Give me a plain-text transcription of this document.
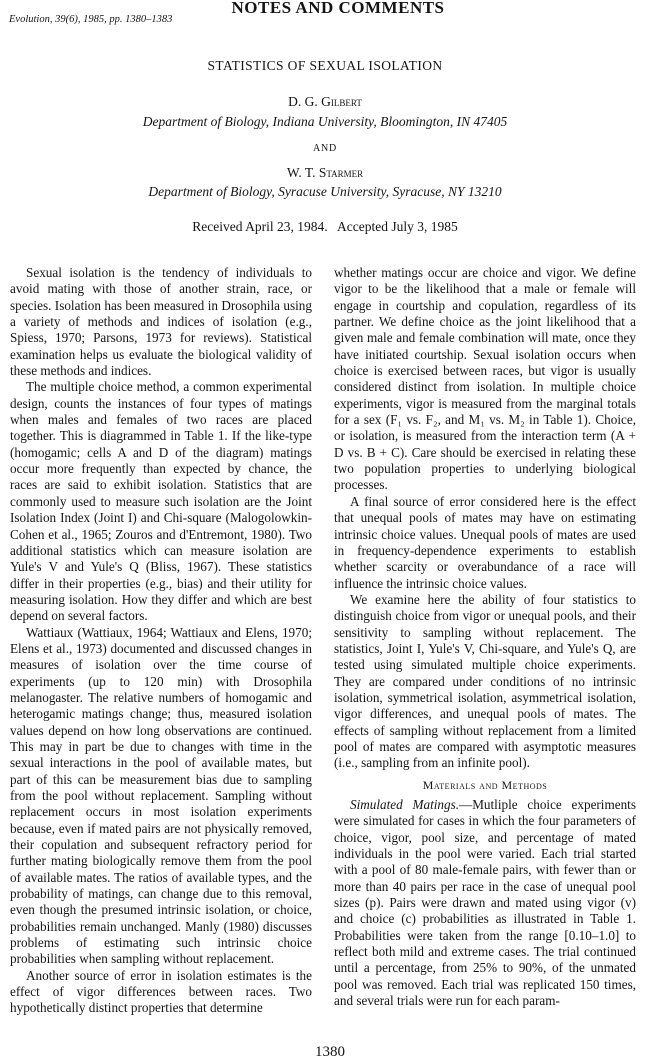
Evolution, 39(6), 1985, pp. 1380–1383
NOTES AND COMMENTS
STATISTICS OF SEXUAL ISOLATION
D. G. Gilbert
Department of Biology, Indiana University, Bloomington, IN 47405
AND
W. T. Starmer
Department of Biology, Syracuse University, Syracuse, NY 13210
Received April 23, 1984.   Accepted July 3, 1985

Sexual isolation is the tendency of individuals to avoid mating with those of another strain, race, or species. Isolation has been measured in Drosophila using a variety of methods and indices of isolation (e.g., Spiess, 1970; Parsons, 1973 for reviews). Statistical examination helps us evaluate the biological validity of these methods and indices.

The multiple choice method, a common experimental design, counts the instances of four types of matings when males and females of two races are placed together. This is diagrammed in Table 1. If the like-type (homogamic; cells A and D of the diagram) matings occur more frequently than expected by chance, the races are said to exhibit isolation. Statistics that are commonly used to measure such isolation are the Joint Isolation Index (Joint I) and Chi-square (Malogolowkin-Cohen et al., 1965; Zouros and d'Entremont, 1980). Two additional statistics which can measure isolation are Yule's V and Yule's Q (Bliss, 1967). These statistics differ in their properties (e.g., bias) and their utility for measuring isolation. How they differ and which are best depend on several factors.

Wattiaux (Wattiaux, 1964; Wattiaux and Elens, 1970; Elens et al., 1973) documented and discussed changes in measures of isolation over the time course of experiments (up to 120 min) with Drosophila melanogaster. The relative numbers of homogamic and heterogamic matings change; thus, measured isolation values depend on how long observations are continued. This may in part be due to changes with time in the sexual interactions in the pool of available mates, but part of this can be measurement bias due to sampling from the pool without replacement. Sampling without replacement occurs in most isolation experiments because, even if mated pairs are not physically removed, their copulation and subsequent refractory period for further mating biologically remove them from the pool of available mates. The ratios of available types, and the probability of matings, can change due to this removal, even though the presumed intrinsic isolation, or choice, probabilities remain unchanged. Manly (1980) discusses problems of estimating such intrinsic choice probabilities when sampling without replacement.

Another source of error in isolation estimates is the effect of vigor differences between races. Two hypothetically distinct properties that determine

whether matings occur are choice and vigor. We define vigor to be the likelihood that a male or female will engage in courtship and copulation, regardless of its partner. We define choice as the joint likelihood that a given male and female combination will mate, once they have initiated courtship. Sexual isolation occurs when choice is exercised between races, but vigor is usually considered distinct from isolation. In multiple choice experiments, vigor is measured from the marginal totals for a sex (F₁ vs. F₂, and M₁ vs. M₂ in Table 1). Choice, or isolation, is measured from the interaction term (A + D vs. B + C). Care should be exercised in relating these two population properties to underlying biological processes.

A final source of error considered here is the effect that unequal pools of mates may have on estimating intrinsic choice values. Unequal pools of mates are used in frequency-dependence experiments to establish whether scarcity or overabundance of a race will influence the intrinsic choice values.

We examine here the ability of four statistics to distinguish choice from vigor or unequal pools, and their sensitivity to sampling without replacement. The statistics, Joint I, Yule's V, Chi-square, and Yule's Q, are tested using simulated multiple choice experiments. They are compared under conditions of no intrinsic isolation, symmetrical isolation, asymmetrical isolation, vigor differences, and unequal pools of mates. The effects of sampling without replacement from a limited pool of mates are compared with asymptotic measures (i.e., sampling from an infinite pool).

Materials and Methods

Simulated Matings.—Mutliple choice experiments were simulated for cases in which the four parameters of choice, vigor, pool size, and percentage of mated individuals in the pool were varied. Each trial started with a pool of 80 male-female pairs, with fewer than or more than 40 pairs per race in the case of unequal pool sizes (p). Pairs were drawn and mated using vigor (v) and choice (c) probabilities as illustrated in Table 1. Probabilities were taken from the range [0.10–1.0] to reflect both mild and extreme cases. The trial continued until a percentage, from 25% to 90%, of the unmated pool was removed. Each trial was replicated 150 times, and several trials were run for each param-

1380
